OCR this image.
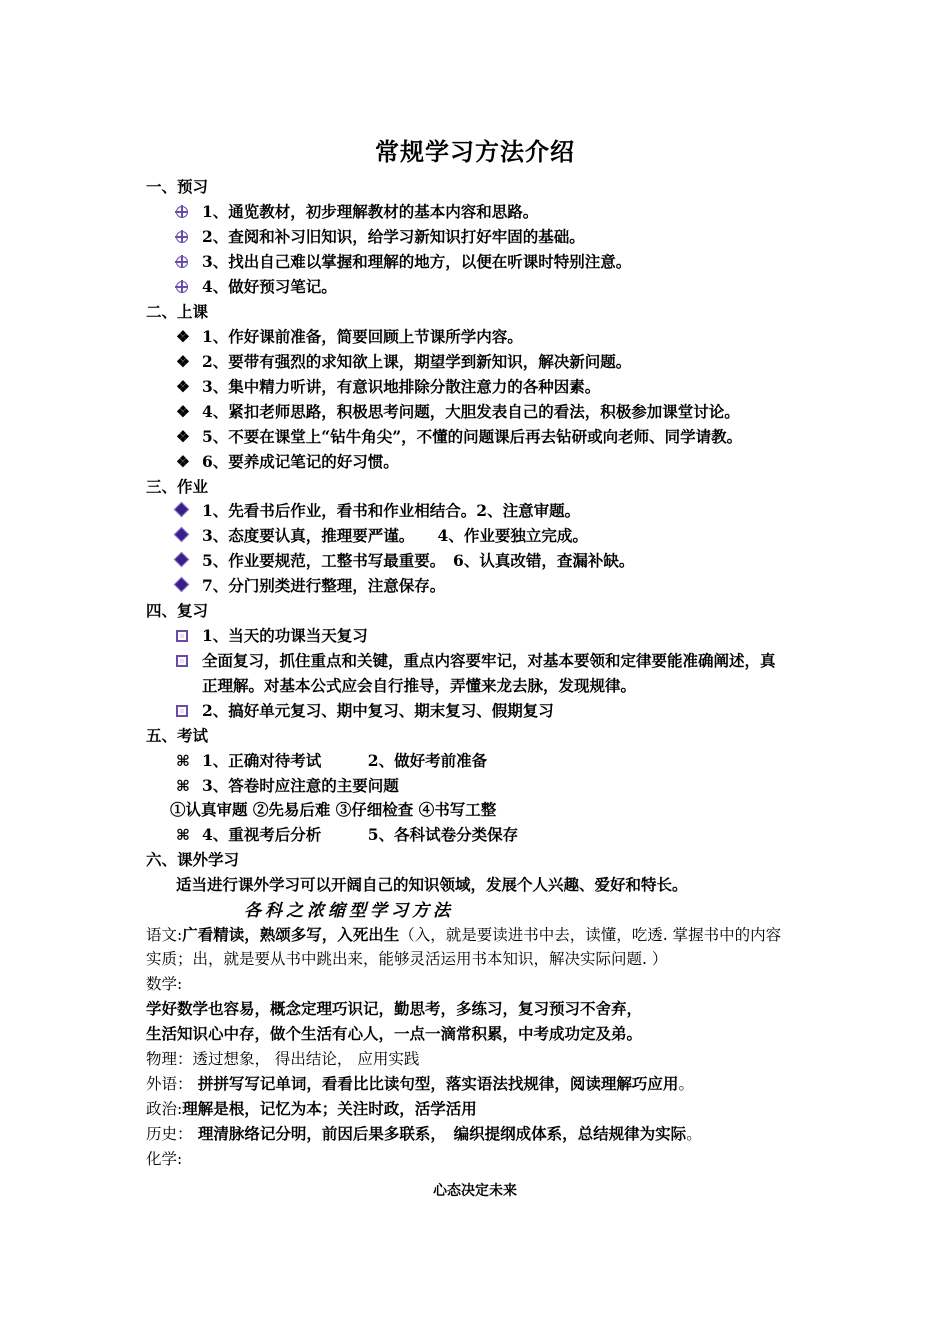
常规学习方法介绍
一、预习
1、通览教材，初步理解教材的基本内容和思路。
2、查阅和补习旧知识，给学习新知识打好牢固的基础。
3、找出自己难以掌握和理解的地方，以便在听课时特别注意。
4、做好预习笔记。
二、上课
❖ 1、作好课前准备，简要回顾上节课所学内容。
❖ 2、要带有强烈的求知欲上课，期望学到新知识，解决新问题。
❖ 3、集中精力听讲，有意识地排除分散注意力的各种因素。
❖ 4、紧扣老师思路，积极思考问题，大胆发表自己的看法，积极参加课堂讨论。
❖ 5、不要在课堂上“钻牛角尖”，不懂的问题课后再去钻研或向老师、同学请教。
❖ 6、要养成记笔记的好习惯。
三、作业
1、先看书后作业，看书和作业相结合。2、注意审题。
3、态度要认真，推理要严谨。　　4、作业要独立完成。
5、作业要规范，工整书写最重要。　6、认真改错，查漏补缺。
7、分门别类进行整理，注意保存。
四、复习
1、当天的功课当天复习
全面复习，抓住重点和关键，重点内容要牢记，对基本要领和定律要能准确阐述，真
正理解。对基本公式应会自行推导，弄懂来龙去脉，发现规律。
2、搞好单元复习、期中复习、期末复习、假期复习
五、考试
⌘ 1、正确对待考试　　　2、做好考前准备
⌘ 3、答卷时应注意的主要问题
①认真审题 ②先易后难 ③仔细检查 ④书写工整
⌘ 4、重视考后分析　　　5、各科试卷分类保存
六、课外学习
适当进行课外学习可以开阔自己的知识领域，发展个人兴趣、爱好和特长。
各科之浓缩型学习方法
语文:广看精读，熟颂多写，入死出生（入，就是要读进书中去，读懂，吃透. 掌握书中的内容
实质；出，就是要从书中跳出来，能够灵活运用书本知识，解决实际问题. ）
数学:
学好数学也容易，概念定理巧识记，勤思考，多练习，复习预习不舍弃，
生活知识心中存，做个生活有心人，一点一滴常积累，中考成功定及弟。
物理：透过想象， 得出结论， 应用实践
外语： 拼拼写写记单词，看看比比读句型，落实语法找规律，阅读理解巧应用。
政治:理解是根，记忆为本；关注时政，活学活用
历史： 理清脉络记分明，前因后果多联系，　编织提纲成体系，总结规律为实际。
化学:
心态决定未来
